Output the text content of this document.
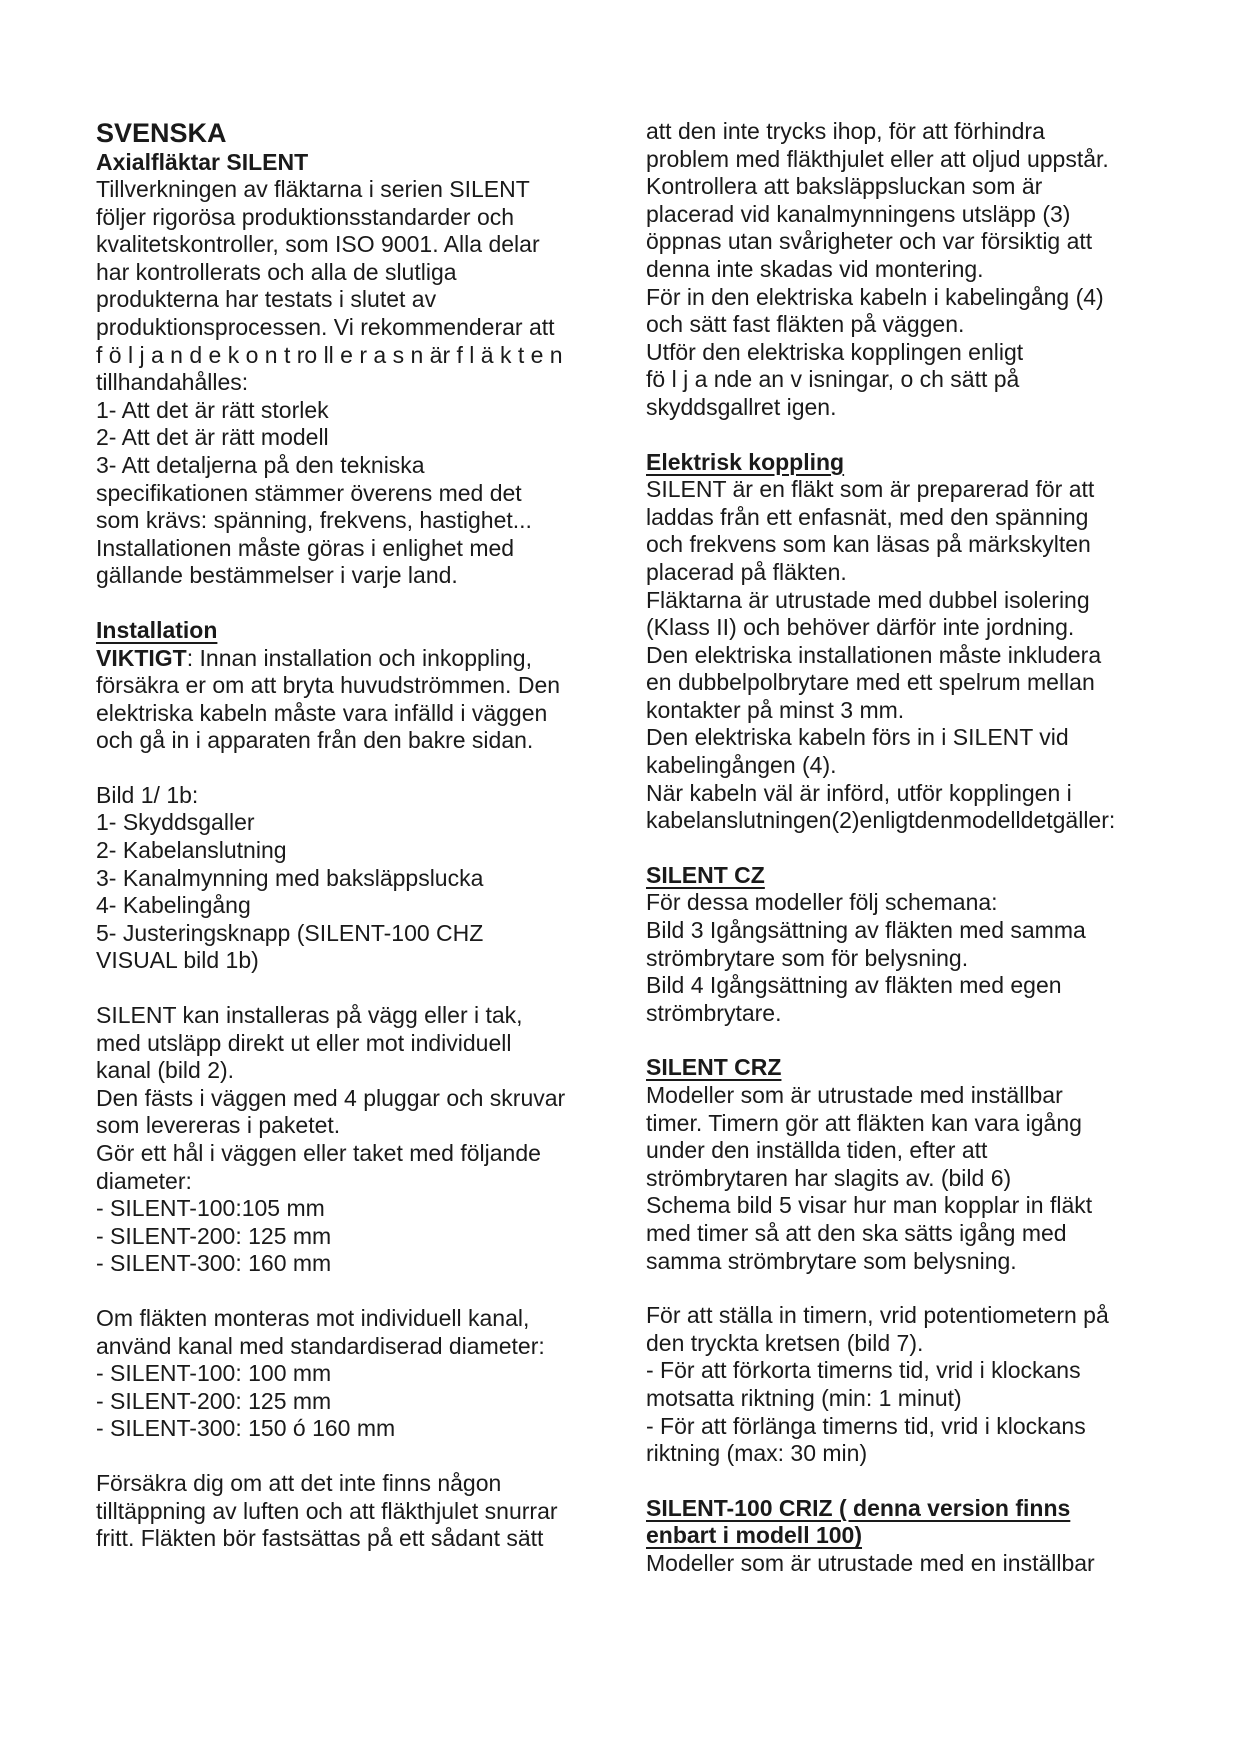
SVENSKA

Axialfläktar SILENT

Tillverkningen av fläktarna i serien SILENT

följer rigorösa produktionsstandarder och

kvalitetskontroller, som ISO 9001. Alla delar

har kontrollerats och alla de slutliga

produkterna har testats i slutet av

produktionsprocessen. Vi rekommenderar att

f ö l j a n d e k o n t ro ll e r a s n är f l ä k t e n

tillhandahålles:

1- Att det är rätt storlek

2- Att det är rätt modell

3- Att detaljerna på den tekniska

specifikationen stämmer överens med det

som krävs: spänning, frekvens, hastighet...

Installationen måste göras i enlighet med

gällande bestämmelser i varje land.

Installation

VIKTIGT: Innan installation och inkoppling,

försäkra er om att bryta huvudströmmen. Den

elektriska kabeln måste vara infälld i väggen

och gå in i apparaten från den bakre sidan.

Bild 1/ 1b:

1- Skyddsgaller

2- Kabelanslutning

3- Kanalmynning med baksläppslucka

4- Kabelingång

5- Justeringsknapp (SILENT-100 CHZ

VISUAL bild 1b)

SILENT kan installeras på vägg eller i tak,

med utsläpp direkt ut eller mot individuell

kanal (bild 2).

Den fästs i väggen med 4 pluggar och skruvar

som levereras i paketet.

Gör ett hål i väggen eller taket med följande

diameter:

- SILENT-100:105 mm

- SILENT-200: 125 mm

- SILENT-300: 160 mm

Om fläkten monteras mot individuell kanal,

använd kanal med standardiserad diameter:

- SILENT-100: 100 mm

- SILENT-200: 125 mm

- SILENT-300: 150 ó 160 mm

Försäkra dig om att det inte finns någon

tilltäppning av luften och att fläkthjulet snurrar

fritt. Fläkten bör fastsättas på ett sådant sätt

att den inte trycks ihop, för att förhindra

problem med fläkthjulet eller att oljud uppstår.

Kontrollera att baksläppsluckan som är

placerad vid kanalmynningens utsläpp (3)

öppnas utan svårigheter och var försiktig att

denna inte skadas vid montering.

För in den elektriska kabeln i kabelingång (4)

och sätt fast fläkten på väggen.

Utför den elektriska kopplingen enligt

fö l j a nde an v isningar, o ch sätt på

skyddsgallret igen.

Elektrisk koppling

SILENT är en fläkt som är preparerad för att

laddas från ett enfasnät, med den spänning

och frekvens som kan läsas på märkskylten

placerad på fläkten.

Fläktarna är utrustade med dubbel isolering

(Klass II) och behöver därför inte jordning.

Den elektriska installationen måste inkludera

en dubbelpolbrytare med ett spelrum mellan

kontakter på minst 3 mm.

Den elektriska kabeln förs in i SILENT vid

kabelingången (4).

När kabeln väl är införd, utför kopplingen i

kabelanslutningen(2)enligtdenmodelldetgäller:

SILENT CZ

För dessa modeller följ schemana:

Bild 3 Igångsättning av fläkten med samma

strömbrytare som för belysning.

Bild 4 Igångsättning av fläkten med egen

strömbrytare.

SILENT CRZ

Modeller som är utrustade med inställbar

timer. Timern gör att fläkten kan vara igång

under den inställda tiden, efter att

strömbrytaren har slagits av. (bild 6)

Schema bild 5 visar hur man kopplar in fläkt

med timer så att den ska sätts igång med

samma strömbrytare som belysning.

För att ställa in timern, vrid potentiometern på

den tryckta kretsen (bild 7).

- För att förkorta timerns tid, vrid i klockans

motsatta riktning (min: 1 minut)

- För att förlänga timerns tid, vrid i klockans

riktning (max: 30 min)

SILENT-100 CRIZ ( denna version finns

enbart i modell 100)

Modeller som är utrustade med en inställbar
